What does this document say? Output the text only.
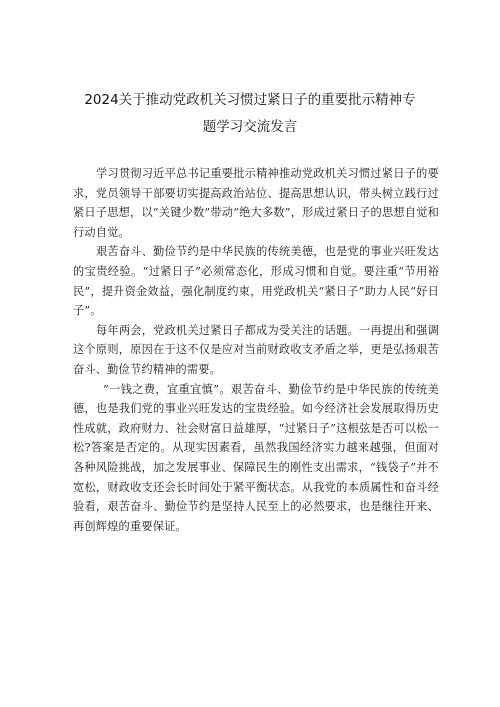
2024关于推动党政机关习惯过紧日子的重要批示精神专
题学习交流发言

学习贯彻习近平总书记重要批示精神推动党政机关习惯过紧日子的要求，党员领导干部要切实提高政治站位、提高思想认识，带头树立践行过紧日子思想，以“关键少数”带动“绝大多数”，形成过紧日子的思想自觉和行动自觉。

艰苦奋斗、勤俭节约是中华民族的传统美德，也是党的事业兴旺发达的宝贵经验。“过紧日子”必须常态化，形成习惯和自觉。要注重“节用裕民”，提升资金效益，强化制度约束，用党政机关“紧日子”助力人民“好日子”。

每年两会，党政机关过紧日子都成为受关注的话题。一再提出和强调这个原则，原因在于这不仅是应对当前财政收支矛盾之举，更是弘扬艰苦奋斗、勤俭节约精神的需要。

“一钱之费，宜重宜慎”。艰苦奋斗、勤俭节约是中华民族的传统美德，也是我们党的事业兴旺发达的宝贵经验。如今经济社会发展取得历史性成就，政府财力、社会财富日益雄厚，“过紧日子”这根弦是否可以松一松?答案是否定的。从现实因素看，虽然我国经济实力越来越强，但面对各种风险挑战，加之发展事业、保障民生的刚性支出需求，“钱袋子”并不宽松，财政收支还会长时间处于紧平衡状态。从我党的本质属性和奋斗经验看，艰苦奋斗、勤俭节约是坚持人民至上的必然要求，也是继往开来、再创辉煌的重要保证。
